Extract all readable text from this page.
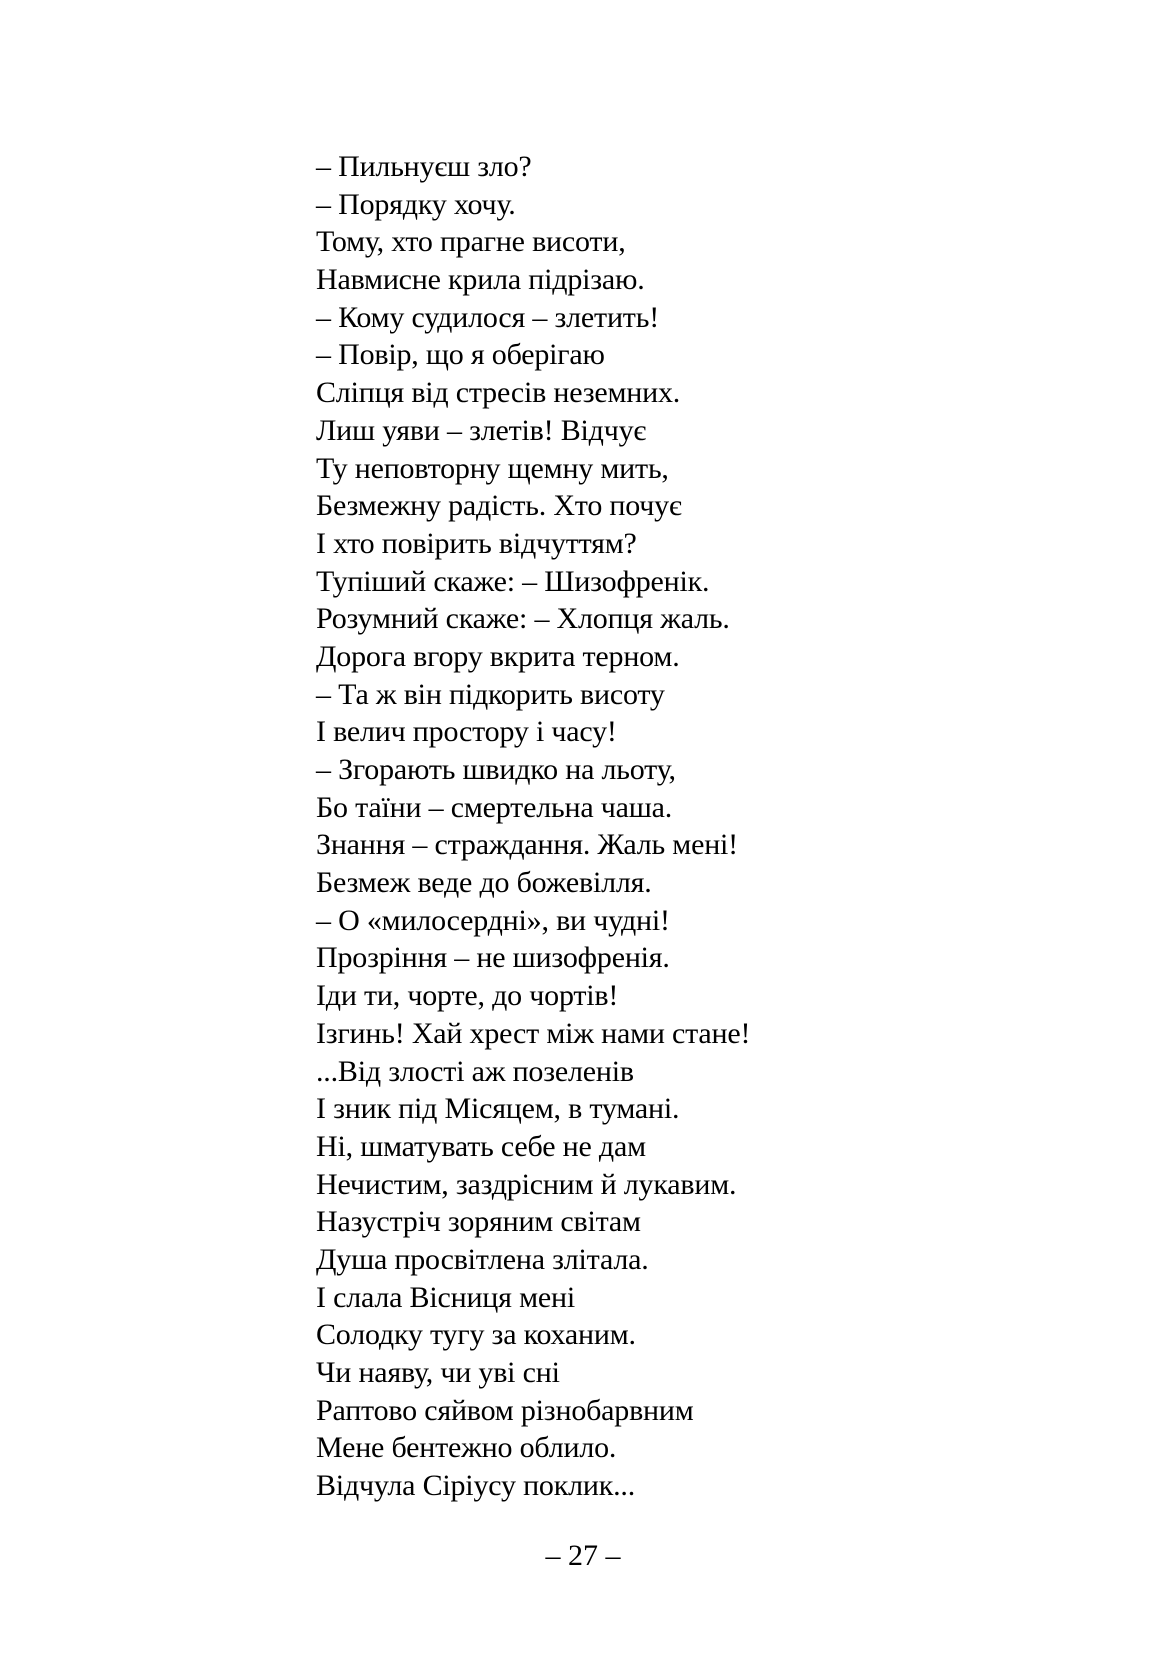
– Пильнуєш зло?
– Порядку хочу.
Тому, хто прагне висоти,
Навмисне крила підрізаю.
– Кому судилося – злетить!
– Повір, що я оберігаю
Сліпця від стресів неземних.
Лиш уяви – злетів! Відчує
Ту неповторну щемну мить,
Безмежну радість. Хто почує
І хто повірить відчуттям?
Тупіший скаже: – Шизофренік.
Розумний скаже: – Хлопця жаль.
Дорога вгору вкрита терном.
– Та ж він підкорить висоту
І велич простору і часу!
– Згорають швидко на льоту,
Бо таїни – смертельна чаша.
Знання – страждання. Жаль мені!
Безмеж веде до божевілля.
– О «милосердні», ви чудні!
Прозріння – не шизофренія.
Іди ти, чорте, до чортів!
Ізгинь! Хай хрест між нами стане!
...Від злості аж позеленів
І зник під Місяцем, в тумані.
Ні, шматувать себе не дам
Нечистим, заздрісним й лукавим.
Назустріч зоряним світам
Душа просвітлена злітала.
І слала Вісниця мені
Солодку тугу за коханим.
Чи наяву, чи уві сні
Раптово сяйвом різнобарвним
Мене бентежно облило.
Відчула Сіріусу поклик...
– 27 –
